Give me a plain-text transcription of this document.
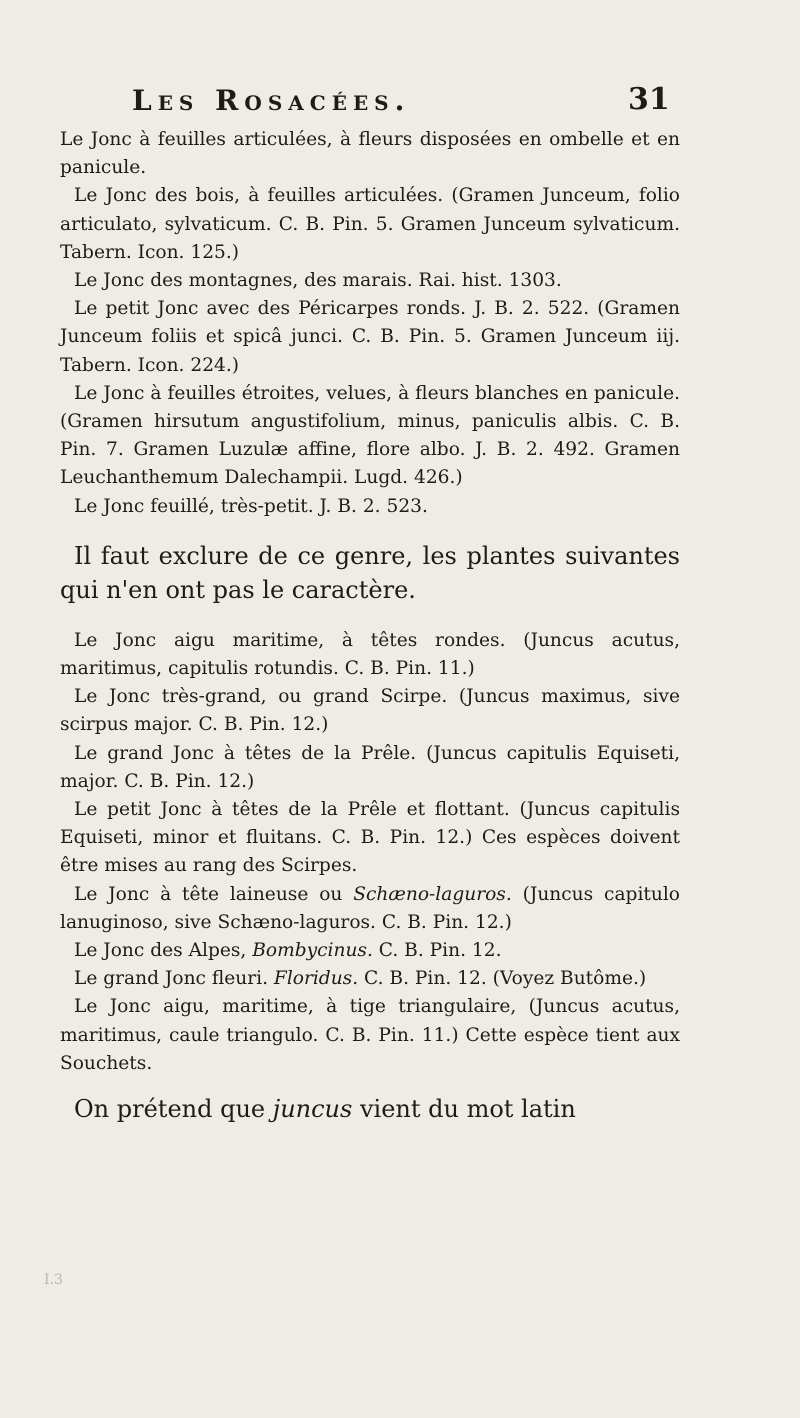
Les Rosacées.	31

Le Jonc à feuilles articulées, à fleurs disposées en ombelle et en panicule.

Le Jonc des bois, à feuilles articulées. (Gramen Junceum, folio articulato, sylvaticum. C. B. Pin. 5. Gramen Junceum sylvaticum. Tabern. Icon. 125.)

Le Jonc des montagnes, des marais. Rai. hist. 1303.

Le petit Jonc avec des Péricarpes ronds. J. B. 2. 522. (Gramen Junceum foliis et spicâ junci. C. B. Pin. 5. Gramen Junceum iij. Tabern. Icon. 224.)

Le Jonc à feuilles étroites, velues, à fleurs blanches en panicule. (Gramen hirsutum angustifolium, minus, paniculis albis. C. B. Pin. 7. Gramen Luzulæ affine, flore albo. J. B. 2. 492. Gramen Leuchanthemum Dalechampii. Lugd. 426.)

Le Jonc feuillé, très-petit. J. B. 2. 523.

Il faut exclure de ce genre, les plantes suivantes qui n'en ont pas le caractère.

Le Jonc aigu maritime, à têtes rondes. (Juncus acutus, maritimus, capitulis rotundis. C. B. Pin. 11.)

Le Jonc très-grand, ou grand Scirpe. (Juncus maximus, sive scirpus major. C. B. Pin. 12.)

Le grand Jonc à têtes de la Prêle. (Juncus capitulis Equiseti, major. C. B. Pin. 12.)

Le petit Jonc à têtes de la Prêle et flottant. (Juncus capitulis Equiseti, minor et fluitans. C. B. Pin. 12.) Ces espèces doivent être mises au rang des Scirpes.

Le Jonc à tête laineuse ou Schæno-laguros. (Juncus capitulo lanuginoso, sive Schæno-laguros. C. B. Pin. 12.)

Le Jonc des Alpes, Bombycinus. C. B. Pin. 12.

Le grand Jonc fleuri. Floridus. C. B. Pin. 12. (Voyez Butôme.)

Le Jonc aigu, maritime, à tige triangulaire, (Juncus acutus, maritimus, caule triangulo. C. B. Pin. 11.) Cette espèce tient aux Souchets.

On prétend que juncus vient du mot latin

I.3
